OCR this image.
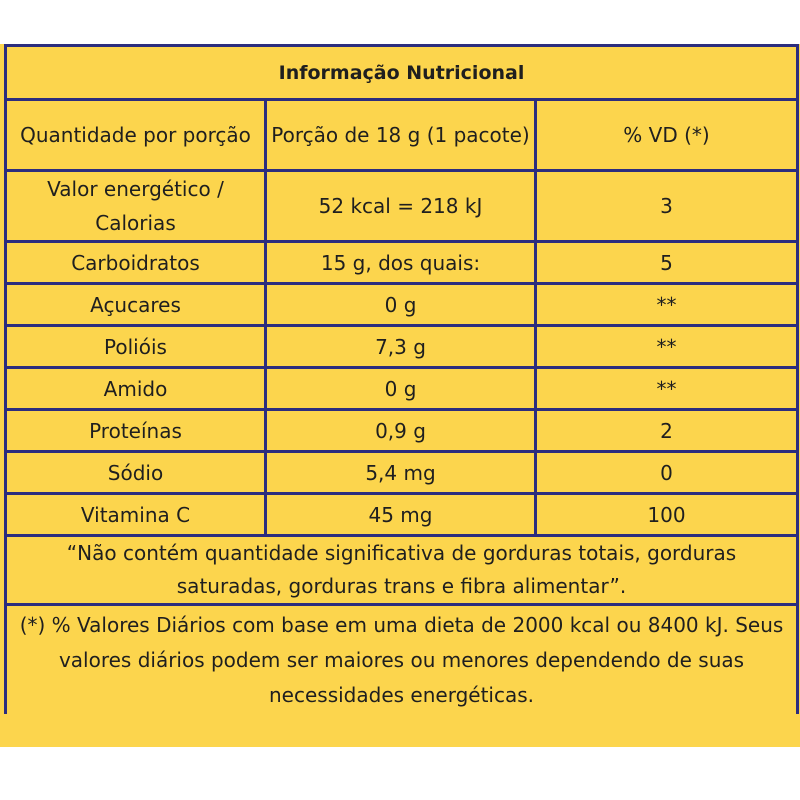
Informação Nutricional		
Quantidade por porção	Porção de 18 g (1 pacote)	% VD (*)
Valor energético / Calorias	52 kcal = 218 kJ	3
Carboidratos	15 g, dos quais:	5
Açucares	0 g	**
Polióis	7,3 g	**
Amido	0 g	**
Proteínas	0,9 g	2
Sódio	5,4 mg	0
Vitamina C	45 mg	100
“Não contém quantidade significativa de gorduras totais, gorduras saturadas, gorduras trans e fibra alimentar”.		
(*) % Valores Diários com base em uma dieta de 2000 kcal ou 8400 kJ. Seus valores diários podem ser maiores ou menores dependendo de suas necessidades energéticas.		
